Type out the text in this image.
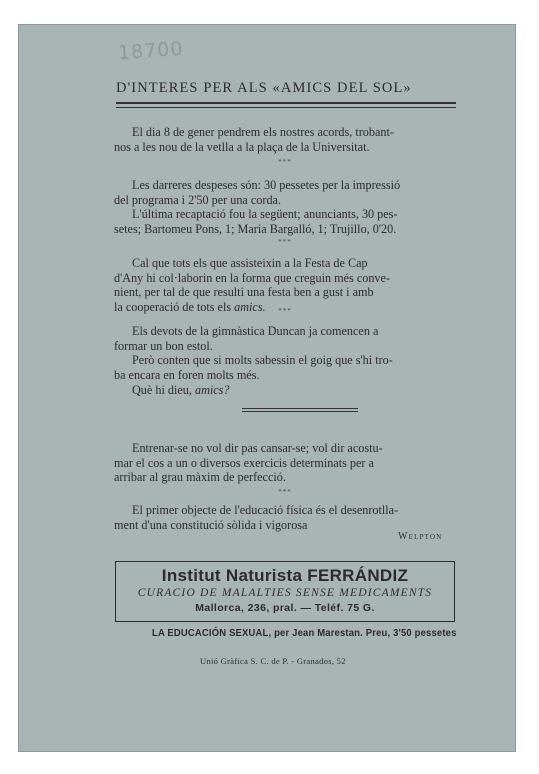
18700
D'INTERES PER ALS «AMICS DEL SOL»

El dia 8 de gener pendrem els nostres acords, trobant-
nos a les nou de la vetlla a la plaça de la Universitat.

***

Les darreres despeses són: 30 pessetes per la impressió
del programa i 2'50 per una corda.
L'última recaptació fou la següent; anunciants, 30 pes-
setes; Bartomeu Pons, 1; Maria Bargalló, 1; Trujillo, 0'20.

***

Cal que tots els que assisteixin a la Festa de Cap
d'Any hi col·laborin en la forma que creguin més conve-
nient, per tal de que resulti una festa ben a gust i amb
la cooperació de tots els amics.	***

Els devots de la gimnàstica Duncan ja comencen a
formar un bon estol.
Però conten que si molts sabessin el goig que s'hi tro-
ba encara en foren molts més.
Què hi dieu, amics?

Entrenar-se no vol dir pas cansar-se; vol dir acostu-
mar el cos a un o diversos exercicis determinats per a
arribar al grau màxim de perfecció.

***

El primer objecte de l'educació física és el desenrotlla-
ment d'una constitució sòlida i vigorosa

Welpton

Institut Naturista FERRÁNDIZ

CURACIO DE MALALTIES SENSE MEDICAMENTS

Mallorca, 236, pral. — Teléf. 75 G.

LA EDUCACIÓN SEXUAL, per Jean Marestan. Preu, 3'50 pessetes

Unió Gràfica S. C. de P. - Granados, 52
